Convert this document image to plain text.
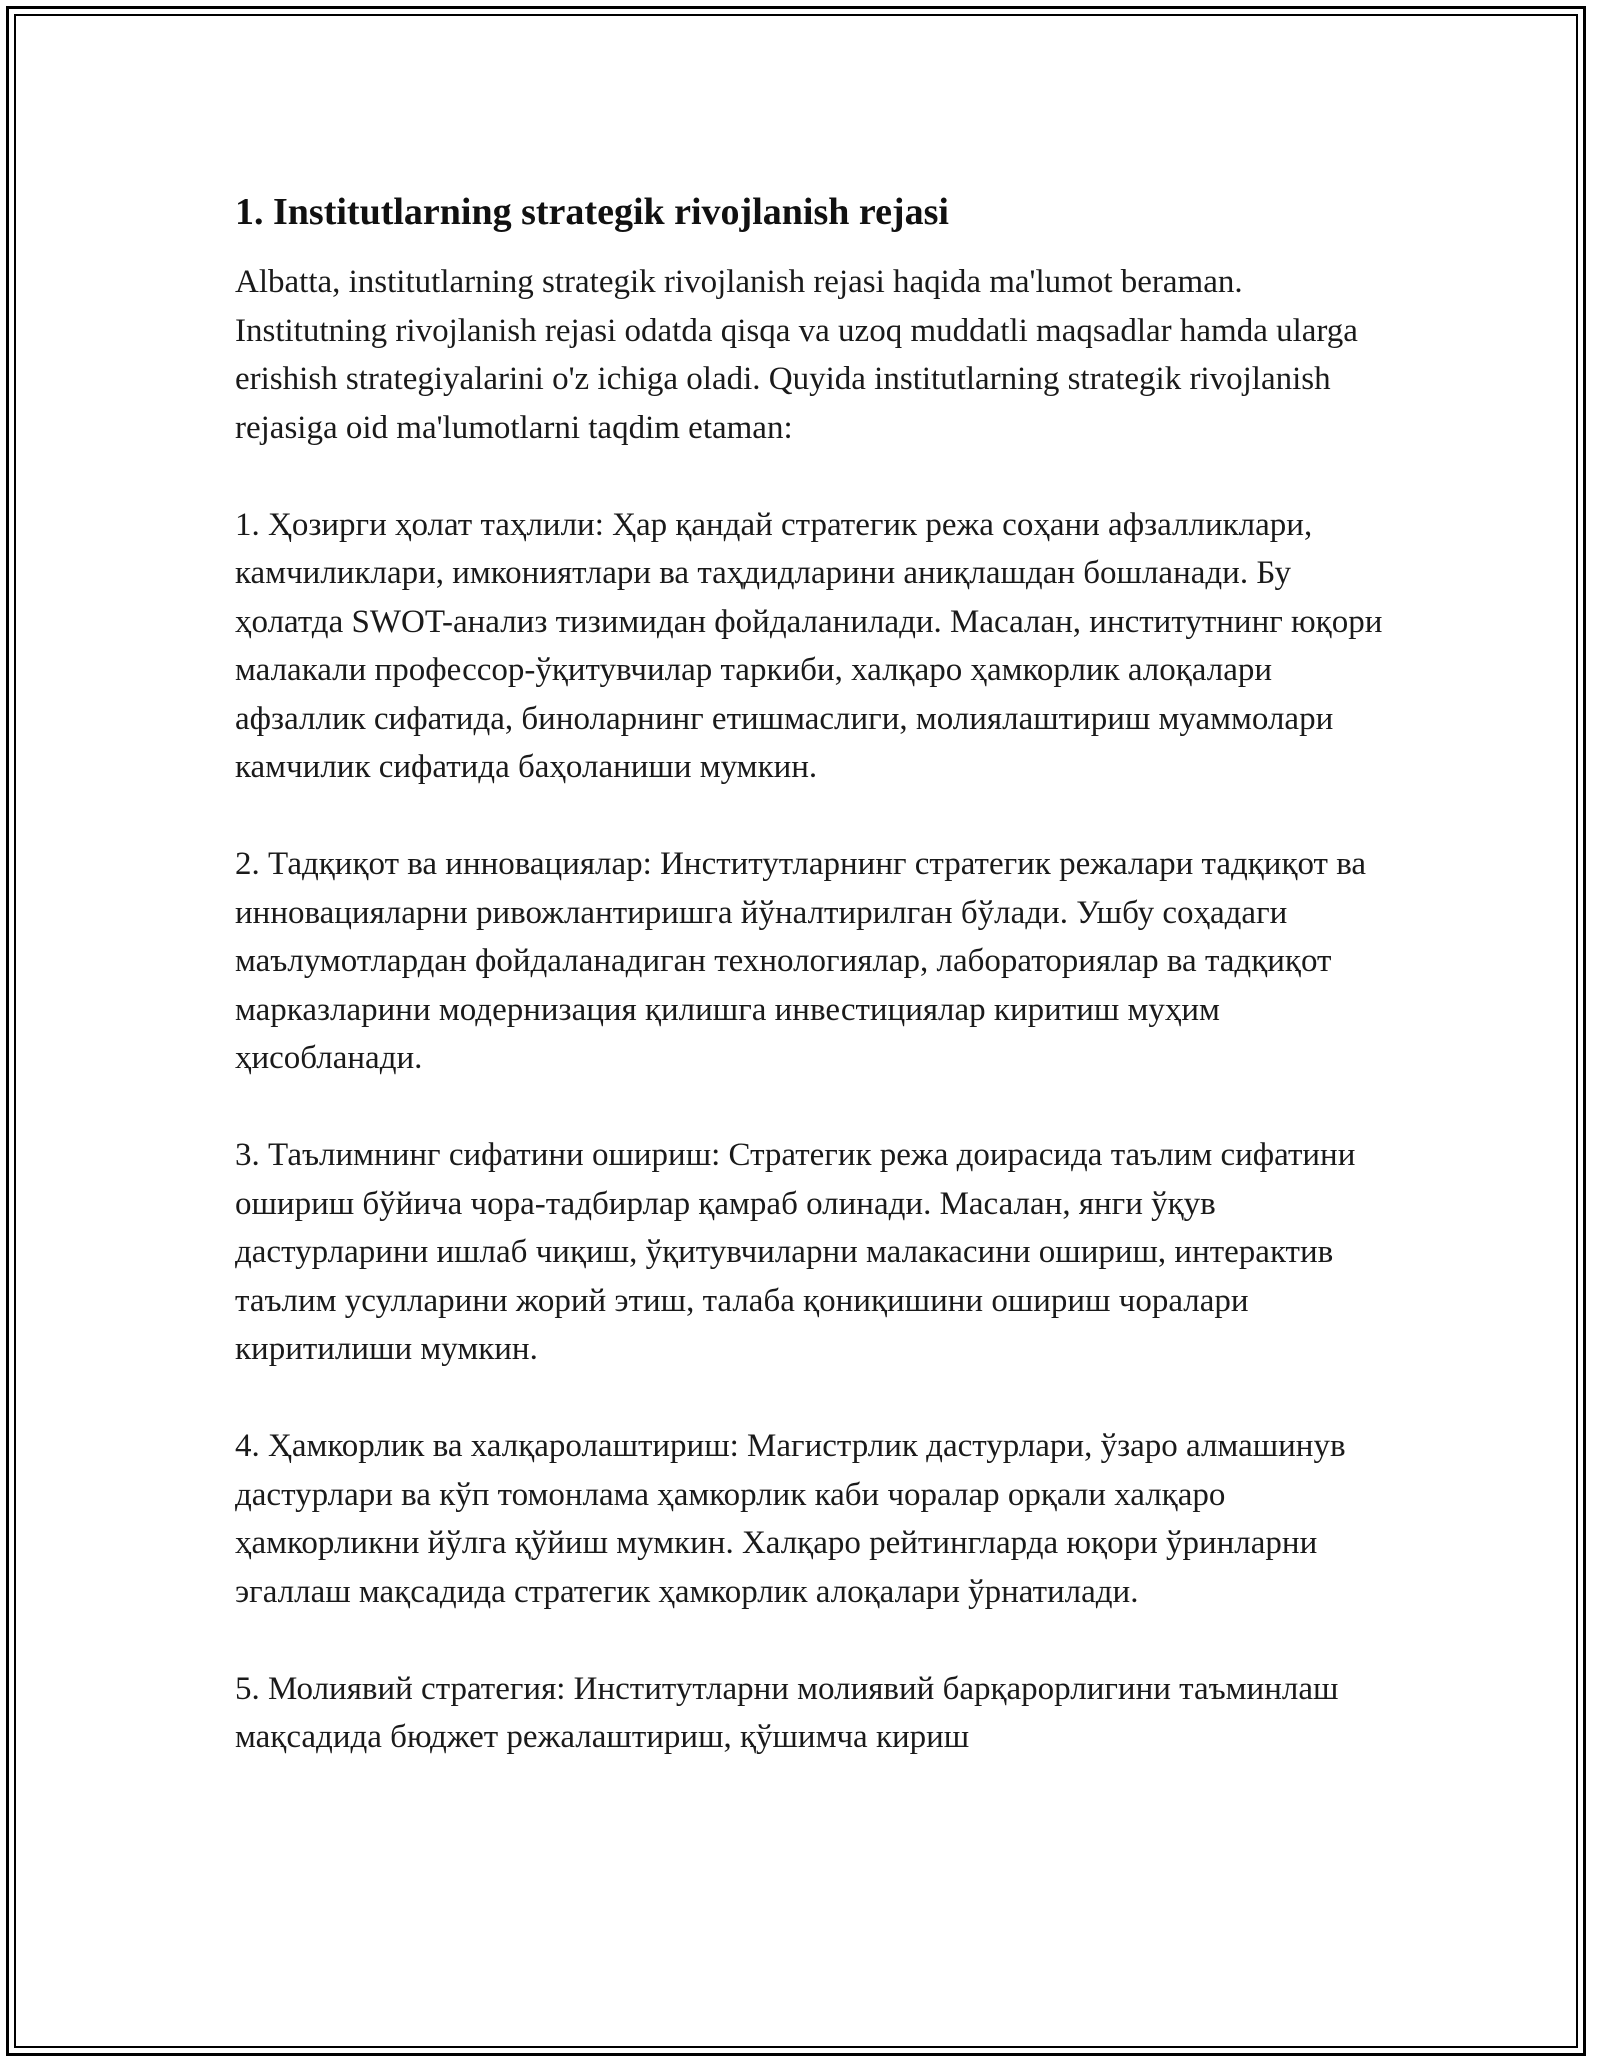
1. Institutlarning strategik rivojlanish rejasi

Albatta, institutlarning strategik rivojlanish rejasi haqida ma'lumot beraman. Institutning rivojlanish rejasi odatda qisqa va uzoq muddatli maqsadlar hamda ularga erishish strategiyalarini o'z ichiga oladi. Quyida institutlarning strategik rivojlanish rejasiga oid ma'lumotlarni taqdim etaman:

1. Ҳозирги ҳолат таҳлили: Ҳар қандай стратегик режа соҳани афзалликлари, камчиликлари, имкониятлари ва таҳдидларини аниқлашдан бошланади. Бу ҳолатда SWOT-анализ тизимидан фойдаланилади. Масалан, институтнинг юқори малакали профессор-ўқитувчилар таркиби, халқаро ҳамкорлик алоқалари афзаллик сифатида, биноларнинг етишмаслиги, молиялаштириш муаммолари камчилик сифатида баҳоланиши мумкин.

2. Тадқиқот ва инновациялар: Институтларнинг стратегик режалари тадқиқот ва инновацияларни ривожлантиришга йўналтирилган бўлади. Ушбу соҳадаги маълумотлардан фойдаланадиган технологиялар, лабораториялар ва тадқиқот марказларини модернизация қилишга инвестициялар киритиш муҳим ҳисобланади.

3. Таълимнинг сифатини ошириш: Стратегик режа доирасида таълим сифатини ошириш бўйича чора-тадбирлар қамраб олинади. Масалан, янги ўқув дастурларини ишлаб чиқиш, ўқитувчиларни малакасини ошириш, интерактив таълим усулларини жорий этиш, талаба қониқишини ошириш чоралари киритилиши мумкин.

4. Ҳамкорлик ва халқаролаштириш: Магистрлик дастурлари, ўзаро алмашинув дастурлари ва кўп томонлама ҳамкорлик каби чоралар орқали халқаро ҳамкорликни йўлга қўйиш мумкин. Халқаро рейтингларда юқори ўринларни эгаллаш мақсадида стратегик ҳамкорлик алоқалари ўрнатилади.

5. Молиявий стратегия: Институтларни молиявий барқарорлигини таъминлаш мақсадида бюджет режалаштириш, қўшимча кириш
